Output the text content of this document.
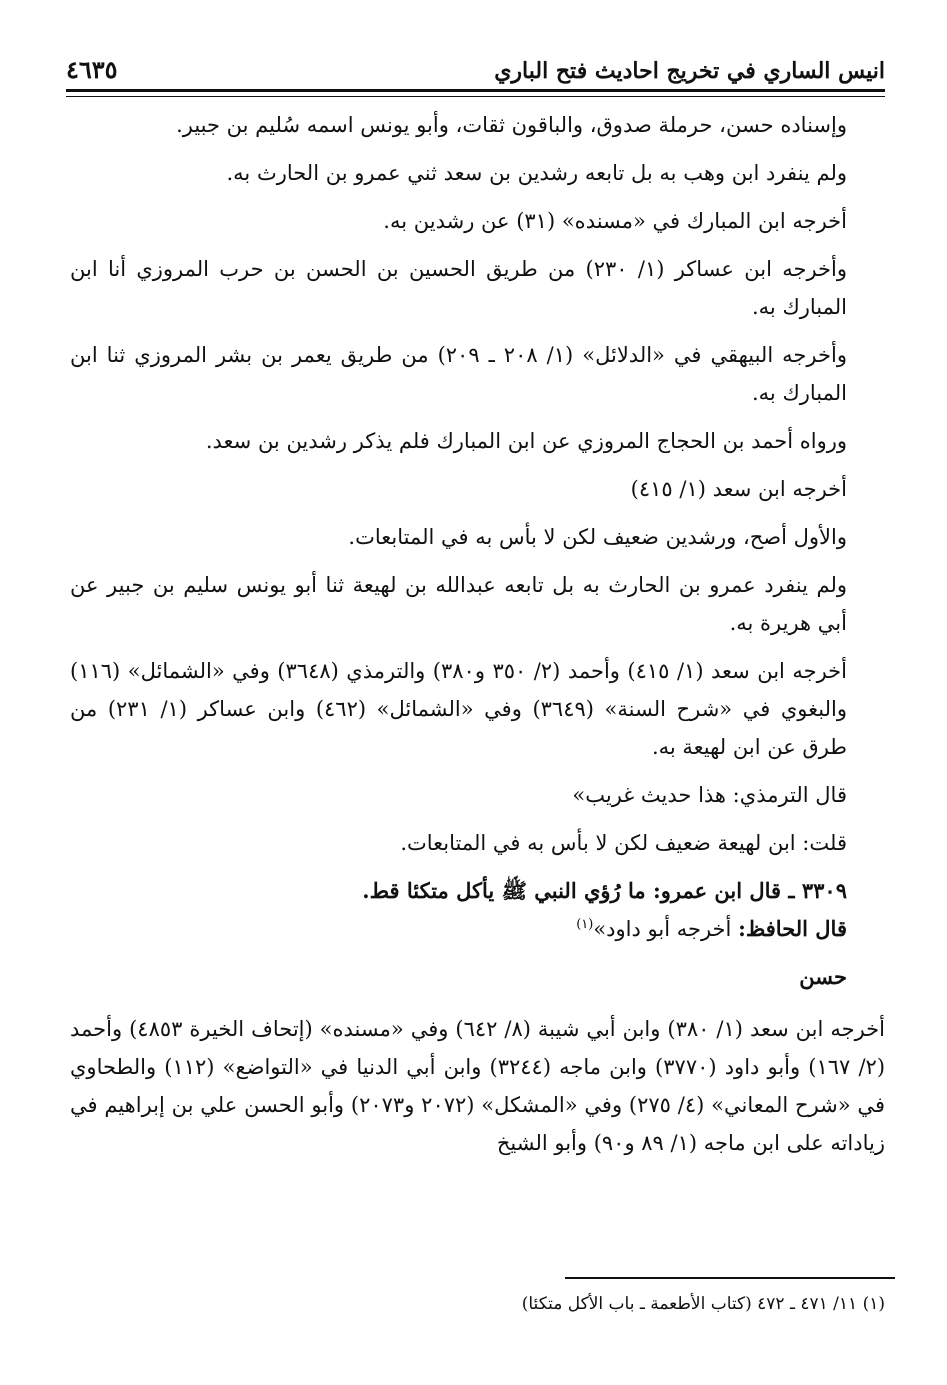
انيس الساري في تخريج احاديث فتح الباري
٤٦٣٥

وإسناده حسن، حرملة صدوق، والباقون ثقات، وأبو يونس اسمه سُليم بن جبير.

ولم ينفرد ابن وهب به بل تابعه رشدين بن سعد ثني عمرو بن الحارث به.

أخرجه ابن المبارك في «مسنده» (٣١) عن رشدين به.

وأخرجه ابن عساكر (١/ ٢٣٠) من طريق الحسين بن الحسن بن حرب المروزي أنا ابن المبارك به.

وأخرجه البيهقي في «الدلائل» (١/ ٢٠٨ ـ ٢٠٩) من طريق يعمر بن بشر المروزي ثنا ابن المبارك به.

ورواه أحمد بن الحجاج المروزي عن ابن المبارك فلم يذكر رشدين بن سعد.

أخرجه ابن سعد (١/ ٤١٥)

والأول أصح، ورشدين ضعيف لكن لا بأس به في المتابعات.

ولم ينفرد عمرو بن الحارث به بل تابعه عبدالله بن لهيعة ثنا أبو يونس سليم بن جبير عن أبي هريرة به.

أخرجه ابن سعد (١/ ٤١٥) وأحمد (٢/ ٣٥٠ و٣٨٠) والترمذي (٣٦٤٨) وفي «الشمائل» (١١٦) والبغوي في «شرح السنة» (٣٦٤٩) وفي «الشمائل» (٤٦٢) وابن عساكر (١/ ٢٣١) من طرق عن ابن لهيعة به.

قال الترمذي: هذا حديث غريب»

قلت: ابن لهيعة ضعيف لكن لا بأس به في المتابعات.

٣٣٠٩ ـ قال ابن عمرو: ما رُؤي النبي ﷺ يأكل متكئا قط.

قال الحافظ: أخرجه أبو داود»$^{(١)}$

حسن

أخرجه ابن سعد (١/ ٣٨٠) وابن أبي شيبة (٨/ ٦٤٢) وفي «مسنده» (إتحاف الخيرة ٤٨٥٣) وأحمد (٢/ ١٦٧) وأبو داود (٣٧٧٠) وابن ماجه (٣٢٤٤) وابن أبي الدنيا في «التواضع» (١١٢) والطحاوي في «شرح المعاني» (٤/ ٢٧٥) وفي «المشكل» (٢٠٧٢ و٢٠٧٣) وأبو الحسن علي بن إبراهيم في زياداته على ابن ماجه (١/ ٨٩ و٩٠) وأبو الشيخ

(١) ١١/ ٤٧١ ـ ٤٧٢ (كتاب الأطعمة ـ باب الأكل متكئا)
